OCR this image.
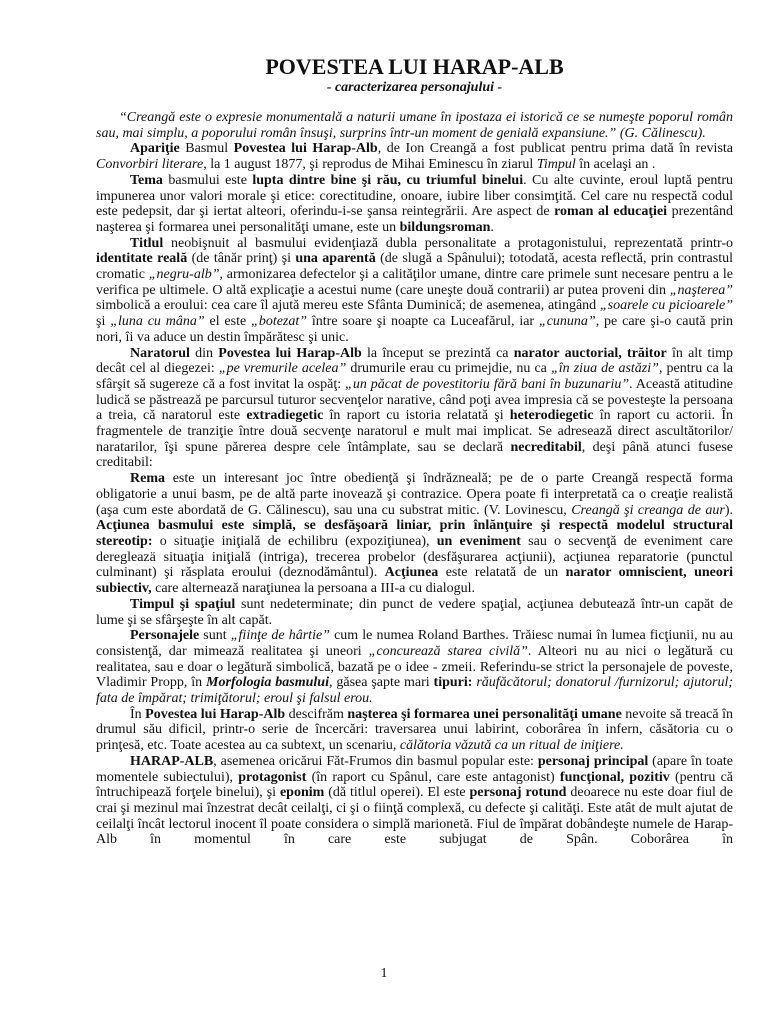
POVESTEA LUI HARAP-ALB
- caracterizarea personajului -

“Creangă este o expresie monumentală a naturii umane în ipostaza ei istorică ce se numeşte poporul român sau, mai simplu, a poporului român însuşi, surprins într-un moment de genială expansiune.” (G. Călinescu).

Apariţie Basmul Povestea lui Harap-Alb, de Ion Creangă a fost publicat pentru prima dată în revista Convorbiri literare, la 1 august 1877, şi reprodus de Mihai Eminescu în ziarul Timpul în acelaşi an .

Tema basmului este lupta dintre bine şi rău, cu triumful binelui. Cu alte cuvinte, eroul luptă pentru impunerea unor valori morale şi etice: corectitudine, onoare, iubire liber consimţită. Cel care nu respectă codul este pedepsit, dar şi iertat alteori, oferindu-i-se şansa reintegrării. Are aspect de roman al educaţiei prezentând naşterea şi formarea unei personalităţi umane, este un bildungsroman.

Titlul neobişnuit al basmului evidenţiază dubla personalitate a protagonistului, reprezentată printr-o identitate reală (de tânăr prinţ) şi una aparentă (de slugă a Spânului); totodată, acesta reflectă, prin contrastul cromatic „negru-alb”, armonizarea defectelor şi a calităţilor umane, dintre care primele sunt necesare pentru a le verifica pe ultimele. O altă explicaţie a acestui nume (care uneşte două contrarii) ar putea proveni din „naşterea” simbolică a eroului: cea care îl ajută mereu este Sfânta Duminică; de asemenea, atingând „soarele cu picioarele” şi „luna cu mâna” el este „botezat” între soare şi noapte ca Luceafărul, iar „cununa”, pe care şi-o caută prin nori, îi va aduce un destin împărătesc şi unic.

Naratorul din Povestea lui Harap-Alb la început se prezintă ca narator auctorial, trăitor în alt timp decât cel al diegezei: „pe vremurile acelea” drumurile erau cu primejdie, nu ca „în ziua de astăzi”, pentru ca la sfârşit să sugereze că a fost invitat la ospăţ: „un păcat de povestitoriu fără bani în buzunariu”. Această atitudine ludică se păstrează pe parcursul tuturor secvenţelor narative, când poţi avea impresia că se povesteşte la persoana a treia, că naratorul este extradiegetic în raport cu istoria relatată şi heterodiegetic în raport cu actorii. În fragmentele de tranziţie între două secvenţe naratorul e mult mai implicat. Se adresează direct ascultătorilor/ naratarilor, îşi spune părerea despre cele întâmplate, sau se declară necreditabil, deşi până atunci fusese creditabil:

Rema este un interesant joc între obedienţă şi îndrăzneală; pe de o parte Creangă respectă forma obligatorie a unui basm, pe de altă parte inovează şi contrazice. Opera poate fi interpretată ca o creaţie realistă (aşa cum este abordată de G. Călinescu), sau una cu substrat mitic. (V. Lovinescu, Creangă şi creanga de aur). Acţiunea basmului este simplă, se desfăşoară liniar, prin înlănţuire şi respectă modelul structural stereotip: o situaţie iniţială de echilibru (expoziţiunea), un eveniment sau o secvenţă de eveniment care deregleazä situaţia iniţială (intriga), trecerea probelor (desfăşurarea acţiunii), acţiunea reparatorie (punctul culminant) şi răsplata eroului (deznodământul). Acţiunea este relatată de un narator omniscient, uneori subiectiv, care alternează naraţiunea la persoana a III-a cu dialogul.

Timpul şi spaţiul sunt nedeterminate; din punct de vedere spaţial, acţiunea debutează într-un capăt de lume şi se sfârşeşte în alt capăt.

Personajele sunt „fiinţe de hârtie” cum le numea Roland Barthes. Trăiesc numai în lumea ficţiunii, nu au consistenţă, dar mimează realitatea şi uneori „concurează starea civilă”. Alteori nu au nici o legătură cu realitatea, sau e doar o legătură simbolică, bazată pe o idee - zmeii. Referindu-se strict la personajele de poveste, Vladimir Propp, în Morfologia basmului, găsea şapte mari tipuri: răufăcătorul; donatorul /furnizorul; ajutorul; fata de împărat; trimiţătorul; eroul şi falsul erou.

În Povestea lui Harap-Alb descifrăm naşterea şi formarea unei personalităţi umane nevoite să treacă în drumul său dificil, printr-o serie de încercări: traversarea unui labirint, coborârea în infern, căsătoria cu o prinţesă, etc. Toate acestea au ca subtext, un scenariu, călătoria văzută ca un ritual de iniţiere.

HARAP-ALB, asemenea oricărui Făt-Frumos din basmul popular este: personaj principal (apare în toate momentele subiectului), protagonist (în raport cu Spânul, care este antagonist) funcţional, pozitiv (pentru că întruchipează forţele binelui), şi eponim (dă titlul operei). El este personaj rotund deoarece nu este doar fiul de crai şi mezinul mai înzestrat decât ceilalţi, ci şi o fiinţă complexă, cu defecte şi calităţi. Este atât de mult ajutat de ceilalţi încât lectorul inocent îl poate considera o simplă marionetă. Fiul de împărat dobândeşte numele de Harap-Alb în momentul în care este subjugat de Spân. Coborârea în

1
